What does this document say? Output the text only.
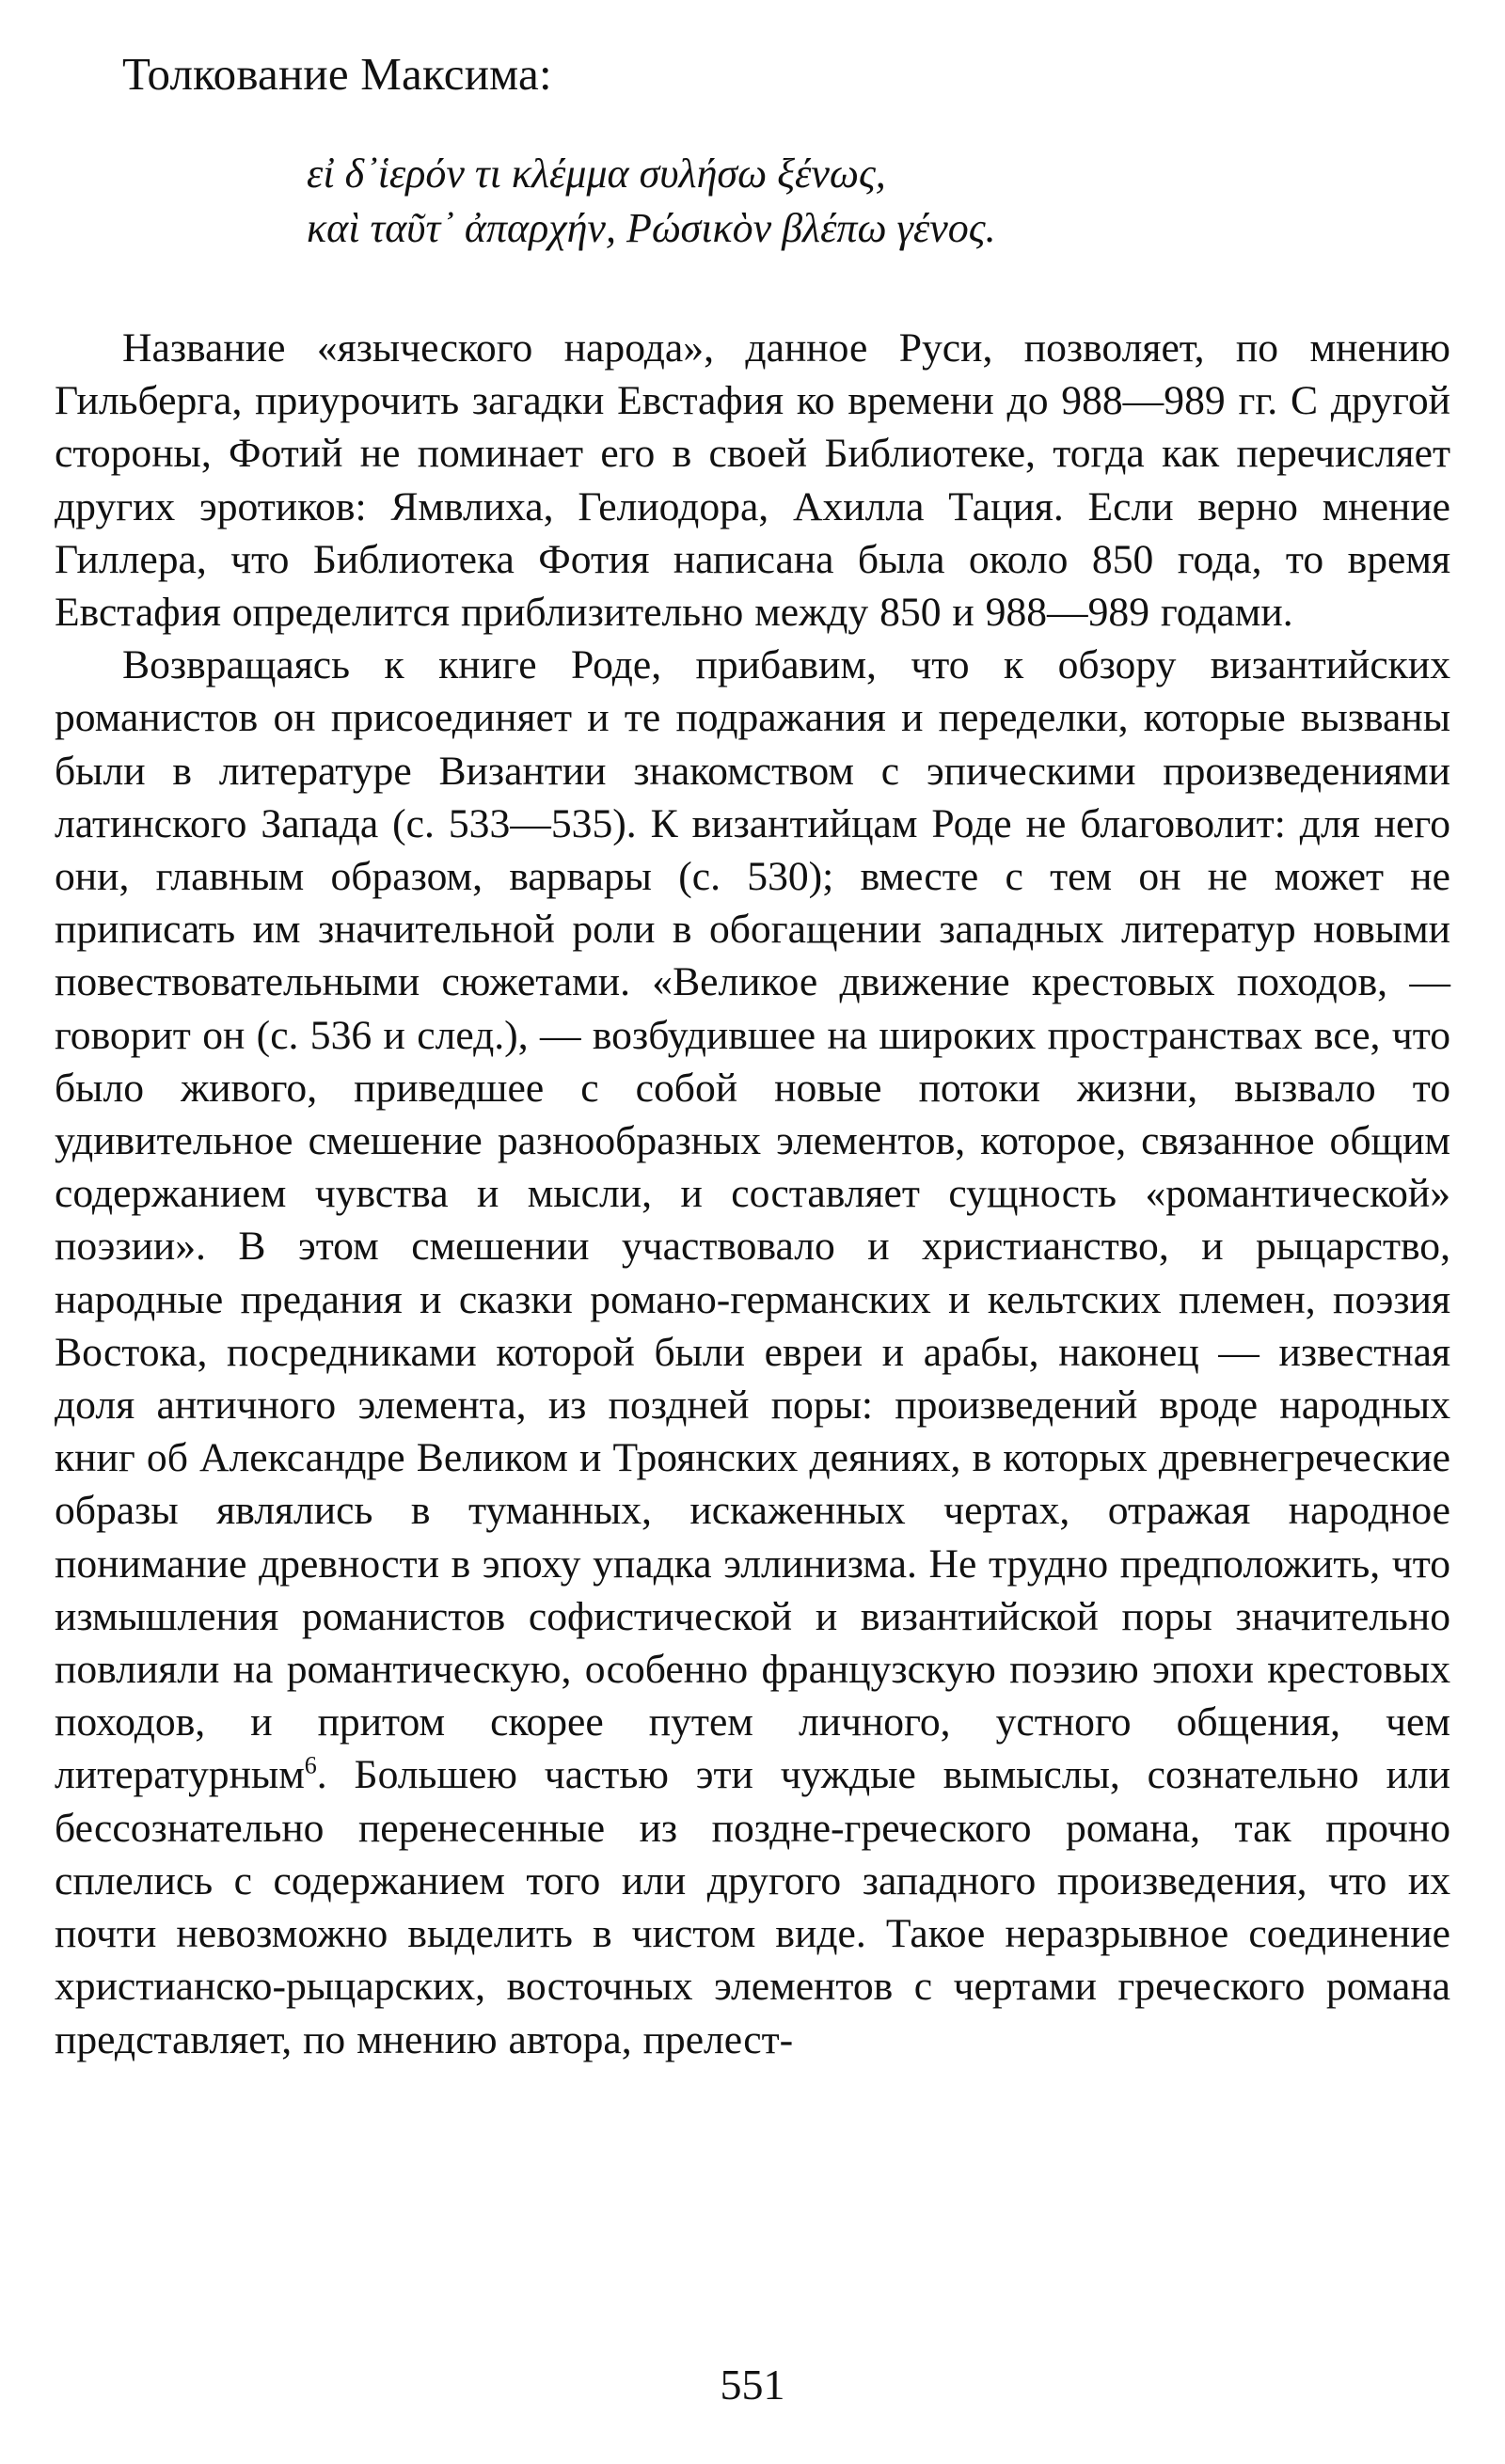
Толкование Максима:
εἰ δ᾽ἱερόν τι κλέμμα συλήσω ξένως,
καὶ ταῦτ᾽ ἀπαρχήν, Ρώσικὸν βλέπω γένος.

Название «языческого народа», данное Руси, позволяет, по мнению Гильберга, приурочить загадки Евстафия ко времени до 988—989 гг. С другой стороны, Фотий не поминает его в своей Библиотеке, тогда как перечисляет других эротиков: Ямвлиха, Гелиодора, Ахилла Тация. Если верно мнение Гиллера, что Библиотека Фотия написана была около 850 года, то время Евстафия определится приблизительно между 850 и 988—989 годами.

Возвращаясь к книге Роде, прибавим, что к обзору византийских романистов он присоединяет и те подражания и переделки, которые вызваны были в литературе Византии знакомством с эпическими произведениями латинского Запада (с. 533—535). К византийцам Роде не благоволит: для него они, главным образом, варвары (с. 530); вместе с тем он не может не приписать им значительной роли в обогащении западных литератур новыми повествовательными сюжетами. «Великое движение крестовых походов, — говорит он (с. 536 и след.), — возбудившее на широких пространствах все, что было живого, приведшее с собой новые потоки жизни, вызвало то удивительное смешение разнообразных элементов, которое, связанное общим содержанием чувства и мысли, и составляет сущность «романтической» поэзии». В этом смешении участвовало и христианство, и рыцарство, народные предания и сказки романо-германских и кельтских племен, поэзия Востока, посредниками которой были евреи и арабы, наконец — известная доля античного элемента, из поздней поры: произведений вроде народных книг об Александре Великом и Троянских деяниях, в которых древнегреческие образы являлись в туманных, искаженных чертах, отражая народное понимание древности в эпоху упадка эллинизма. Не трудно предположить, что измышления романистов софистической и византийской поры значительно повлияли на романтическую, особенно французскую поэзию эпохи крестовых походов, и притом скорее путем личного, устного общения, чем литературным$^6$. Большею частью эти чуждые вымыслы, сознательно или бессознательно перенесенные из поздне-греческого романа, так прочно сплелись с содержанием того или другого западного произведения, что их почти невозможно выделить в чистом виде. Такое неразрывное соединение христианско-рыцарских, восточных элементов с чертами греческого романа представляет, по мнению автора, прелест-

551
